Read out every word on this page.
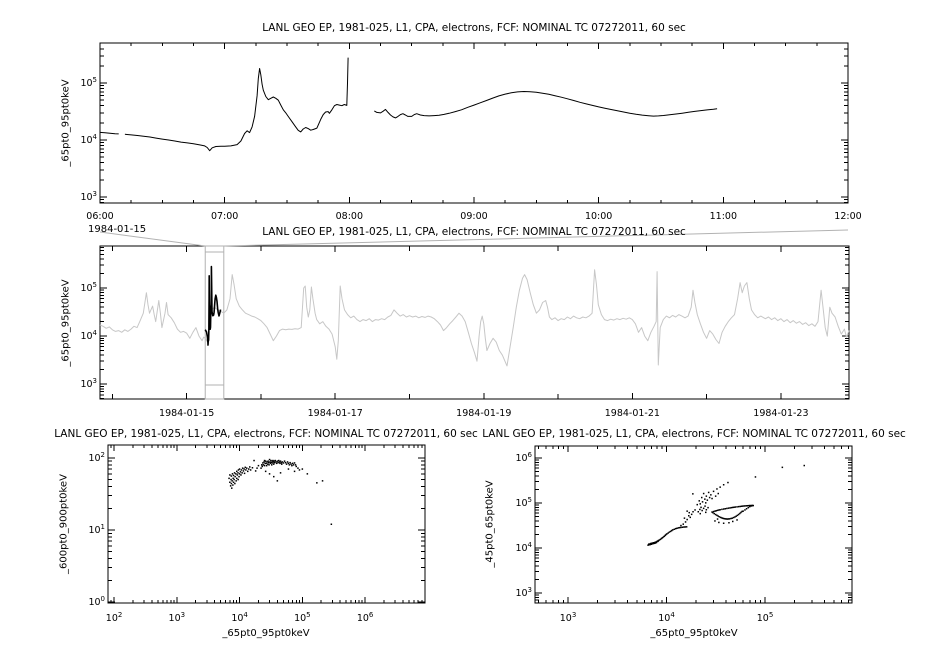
06:00	07:00	08:00	09:00	10:00	11:00	12:00
$10^3$
$10^4$
$10^5$
1984-01-15	1984-01-17	1984-01-19	1984-01-21	1984-01-23
$10^3$
$10^4$
$10^5$
$10^2$	$10^3$	$10^4$	$10^5$	$10^6$
$10^0$
$10^1$
$10^2$
$10^3$	$10^4$	$10^5$
$10^3$
$10^4$
$10^5$
$10^6$
LANL GEO EP, 1981-025, L1, CPA, electrons, FCF: NOMINAL TC 07272011, 60 sec
LANL GEO EP, 1981-025, L1, CPA, electrons, FCF: NOMINAL TC 07272011, 60 sec
LANL GEO EP, 1981-025, L1, CPA, electrons, FCF: NOMINAL TC 07272011, 60 sec LANL GEO EP, 1981-025, L1, CPA, electrons, FCF: NOMINAL TC 07272011, 60 sec
_65pt0_95pt0keV
_65pt0_95pt0keV
_600pt0_900pt0keV	_45pt0_65pt0keV
_65pt0_95pt0keV	_65pt0_95pt0keV
1984-01-15
